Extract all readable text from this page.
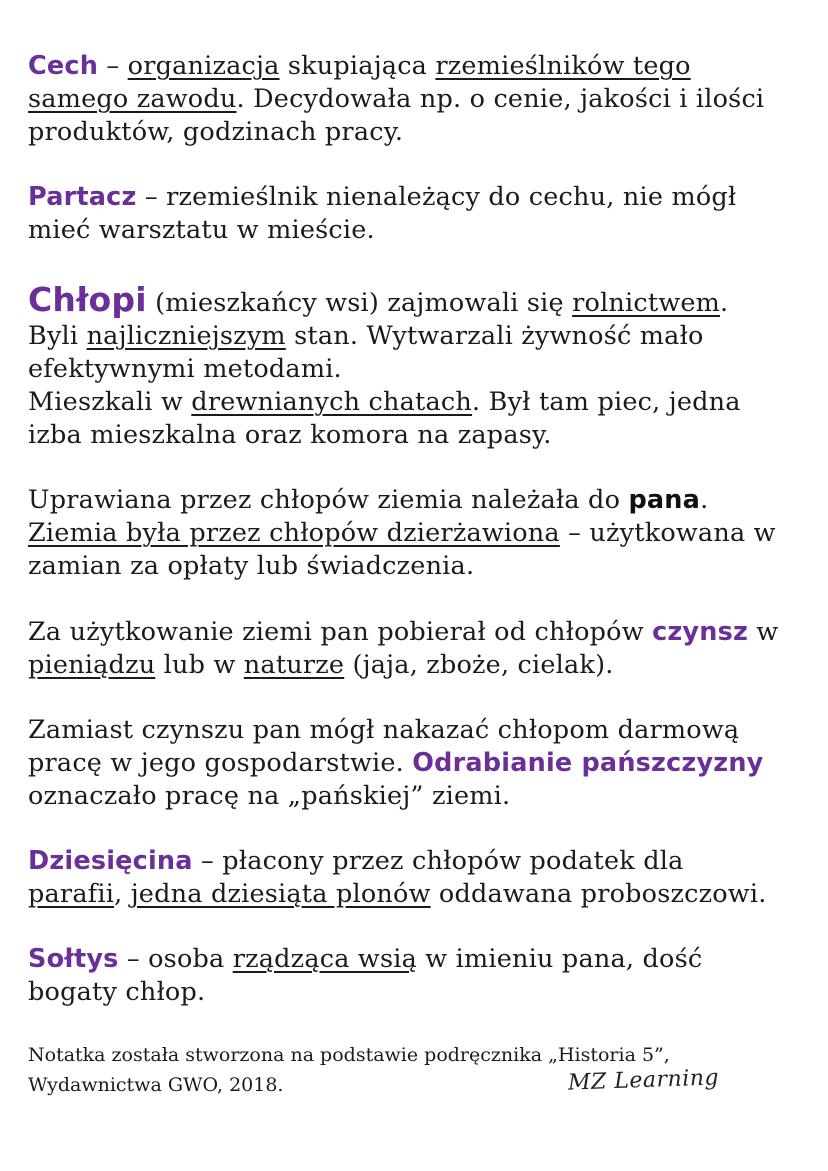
Cech – organizacja skupiająca rzemieślników tego
samego zawodu. Decydowała np. o cenie, jakości i ilości
produktów, godzinach pracy.

Partacz – rzemieślnik nienależący do cechu, nie mógł
mieć warsztatu w mieście.

Chłopi (mieszkańcy wsi) zajmowali się rolnictwem.
Byli najliczniejszym stan. Wytwarzali żywność mało
efektywnymi metodami.
Mieszkali w drewnianych chatach. Był tam piec, jedna
izba mieszkalna oraz komora na zapasy.

Uprawiana przez chłopów ziemia należała do pana.
Ziemia była przez chłopów dzierżawiona – użytkowana w
zamian za opłaty lub świadczenia.

Za użytkowanie ziemi pan pobierał od chłopów czynsz w
pieniądzu lub w naturze (jaja, zboże, cielak).

Zamiast czynszu pan mógł nakazać chłopom darmową
pracę w jego gospodarstwie. Odrabianie pańszczyzny
oznaczało pracę na „pańskiej” ziemi.

Dziesięcina – płacony przez chłopów podatek dla
parafii, jedna dziesiąta plonów oddawana proboszczowi.

Sołtys – osoba rządząca wsią w imieniu pana, dość
bogaty chłop.

Notatka została stworzona na podstawie podręcznika „Historia 5”,
Wydawnictwa GWO, 2018.	MZ Learning
